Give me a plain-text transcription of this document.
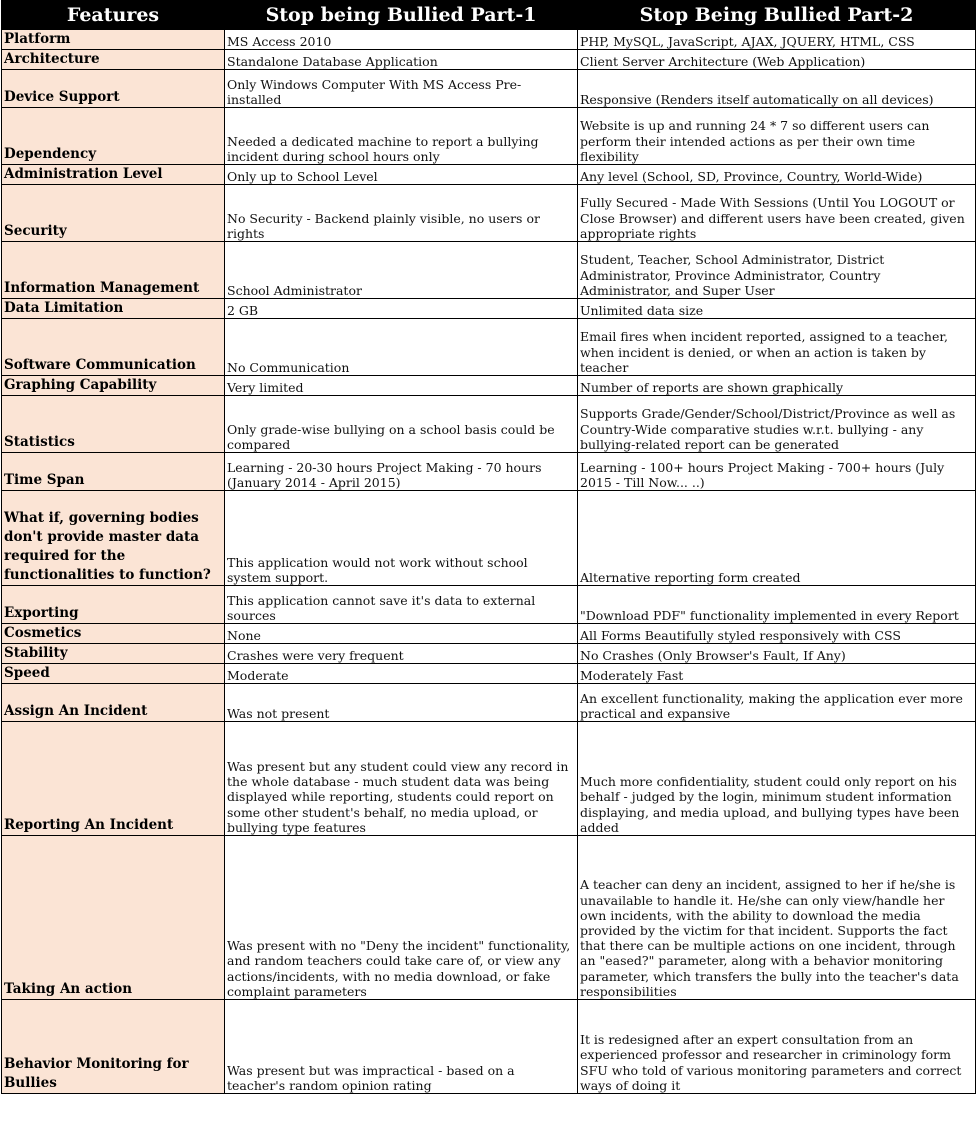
Features	Stop being Bullied Part-1	Stop Being Bullied Part-2
Platform	MS Access 2010	PHP, MySQL, JavaScript, AJAX, JQUERY, HTML, CSS
Architecture	Standalone Database Application	Client Server Architecture (Web Application)
Device Support	Only Windows Computer With MS Access Pre-installed	Responsive (Renders itself automatically on all devices)
Dependency	Needed a dedicated machine to report a bullying incident during school hours only	Website is up and running 24 * 7 so different users can perform their intended actions as per their own time flexibility
Administration Level	Only up to School Level	Any level (School, SD, Province, Country, World-Wide)
Security	No Security - Backend plainly visible, no users or rights	Fully Secured - Made With Sessions (Until You LOGOUT or Close Browser) and different users have been created, given appropriate rights
Information Management	School Administrator	Student, Teacher, School Administrator, District Administrator, Province Administrator, Country Administrator, and Super User
Data Limitation	2 GB	Unlimited data size
Software Communication	No Communication	Email fires when incident reported, assigned to a teacher, when incident is denied, or when an action is taken by teacher
Graphing Capability	Very limited	Number of reports are shown graphically
Statistics	Only grade-wise bullying on a school basis could be compared	Supports Grade/Gender/School/District/Province as well as Country-Wide comparative studies w.r.t. bullying - any bullying-related report can be generated
Time Span	Learning - 20-30 hours Project Making - 70 hours (January 2014 - April 2015)	Learning - 100+ hours Project Making - 700+ hours (July 2015 - Till Now... ..)
What if, governing bodies don't provide master data required for the functionalities to function?	This application would not work without school system support.	Alternative reporting form created
Exporting	This application cannot save it's data to external sources	"Download PDF" functionality implemented in every Report
Cosmetics	None	All Forms Beautifully styled responsively with CSS
Stability	Crashes were very frequent	No Crashes (Only Browser's Fault, If Any)
Speed	Moderate	Moderately Fast
Assign An Incident	Was not present	An excellent functionality, making the application ever more practical and expansive
Reporting An Incident	Was present but any student could view any record in the whole database - much student data was being displayed while reporting, students could report on some other student's behalf, no media upload, or bullying type features	Much more confidentiality, student could only report on his behalf - judged by the login, minimum student information displaying, and media upload, and bullying types have been added
Taking An action	Was present with no "Deny the incident" functionality, and random teachers could take care of, or view any actions/incidents, with no media download, or fake complaint parameters	A teacher can deny an incident, assigned to her if he/she is unavailable to handle it. He/she can only view/handle her own incidents, with the ability to download the media provided by the victim for that incident. Supports the fact that there can be multiple actions on one incident, through an "eased?" parameter, along with a behavior monitoring parameter, which transfers the bully into the teacher's data responsibilities
Behavior Monitoring for Bullies	Was present but was impractical - based on a teacher's random opinion rating	It is redesigned after an expert consultation from an experienced professor and researcher in criminology form SFU who told of various monitoring parameters and correct ways of doing it
